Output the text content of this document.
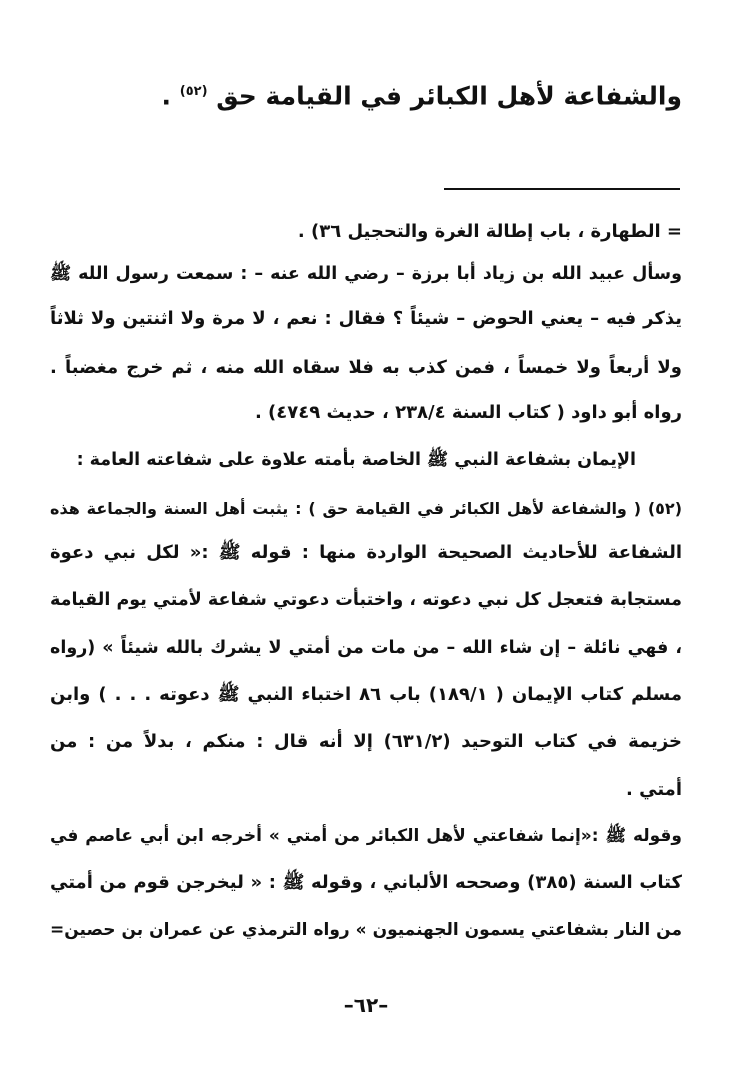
والشفاعة لأهل الكبائر في القيامة حق $^{(٥٢)}$ .
= الطهارة ، باب إطالة الغرة والتحجيل ٣٦) .
وسأل عبيد الله بن زياد أبا برزة – رضي الله عنه – : سمعت رسول الله ﷺ
يذكر فيه – يعني الحوض – شيئاً ؟ فقال : نعم ، لا مرة ولا اثنتين ولا ثلاثاً
ولا أربعاً ولا خمساً ، فمن كذب به فلا سقاه الله منه ، ثم خرج مغضباً .
رواه أبو داود ( كتاب السنة ٢٣٨/٤ ، حديث ٤٧٤٩) .
الإيمان بشفاعة النبي ﷺ الخاصة بأمته علاوة على شفاعته العامة :
(٥٢) ( والشفاعة لأهل الكبائر في القيامة حق ) : يثبت أهل السنة والجماعة هذه
الشفاعة للأحاديث الصحيحة الواردة منها : قوله ﷺ :« لكل نبي دعوة
مستجابة فتعجل كل نبي دعوته ، واختبأت دعوتي شفاعة لأمتي يوم القيامة
، فهي نائلة – إن شاء الله – من مات من أمتي لا يشرك بالله شيئاً » (رواه
مسلم كتاب الإيمان ( ١٨٩/١) باب ٨٦ اختباء النبي ﷺ دعوته . . . ) وابن
خزيمة في كتاب التوحيد (٦٣١/٢) إلا أنه قال : منكم ، بدلاً من : من
أمتي .
وقوله ﷺ :«إنما شفاعتي لأهل الكبائر من أمتي » أخرجه ابن أبي عاصم في
كتاب السنة (٣٨٥) وصححه الألباني ، وقوله ﷺ : « ليخرجن قوم من أمتي
من النار بشفاعتي يسمون الجهنميون » رواه الترمذي عن عمران بن حصين=
–٦٢–
